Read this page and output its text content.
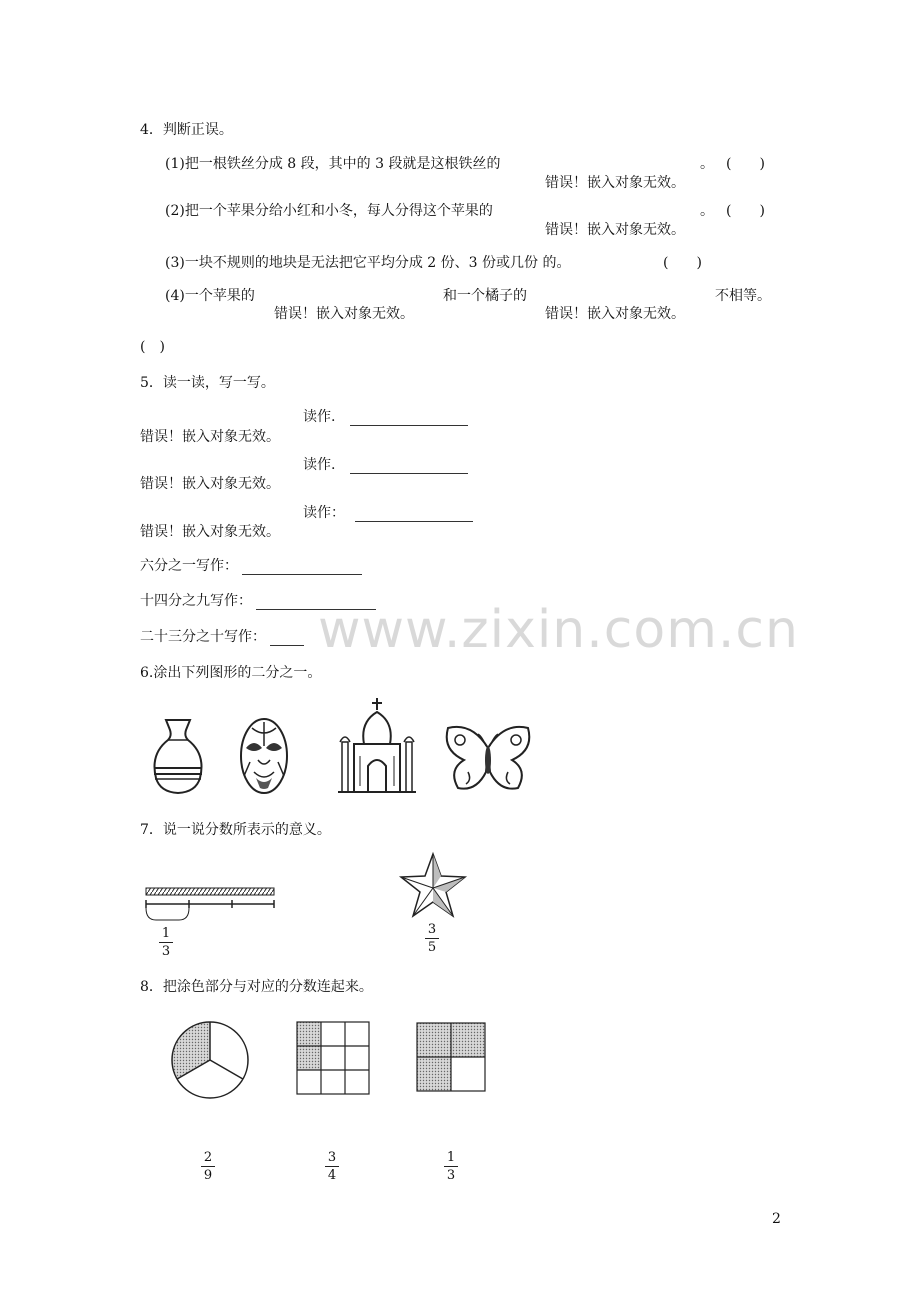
4．判断正误。
(1)把一根铁丝分成 8 段，其中的 3 段就是这根铁丝的	。 (　　)
错误！嵌入对象无效。
(2)把一个苹果分给小红和小冬，每人分得这个苹果的	。 (　　)
错误！嵌入对象无效。
(3)一块不规则的地块是无法把它平均分成 2 份、3 份或几份 的。	(　　)
(4)一个苹果的	和一个橘子的	不相等。
错误！嵌入对象无效。	错误！嵌入对象无效。
(　)
5．读一读，写一写。
读作.
错误！嵌入对象无效。
读作.
错误！嵌入对象无效。
读作：
错误！嵌入对象无效。
六分之一写作：
十四分之九写作：
二十三分之十写作：	www.zixin.com.cn
6.涂出下列图形的二分之一。
7．说一说分数所表示的意义。
1
3
3
5
8．把涂色部分与对应的分数连起来。
2
9
3
4
1
3
2
